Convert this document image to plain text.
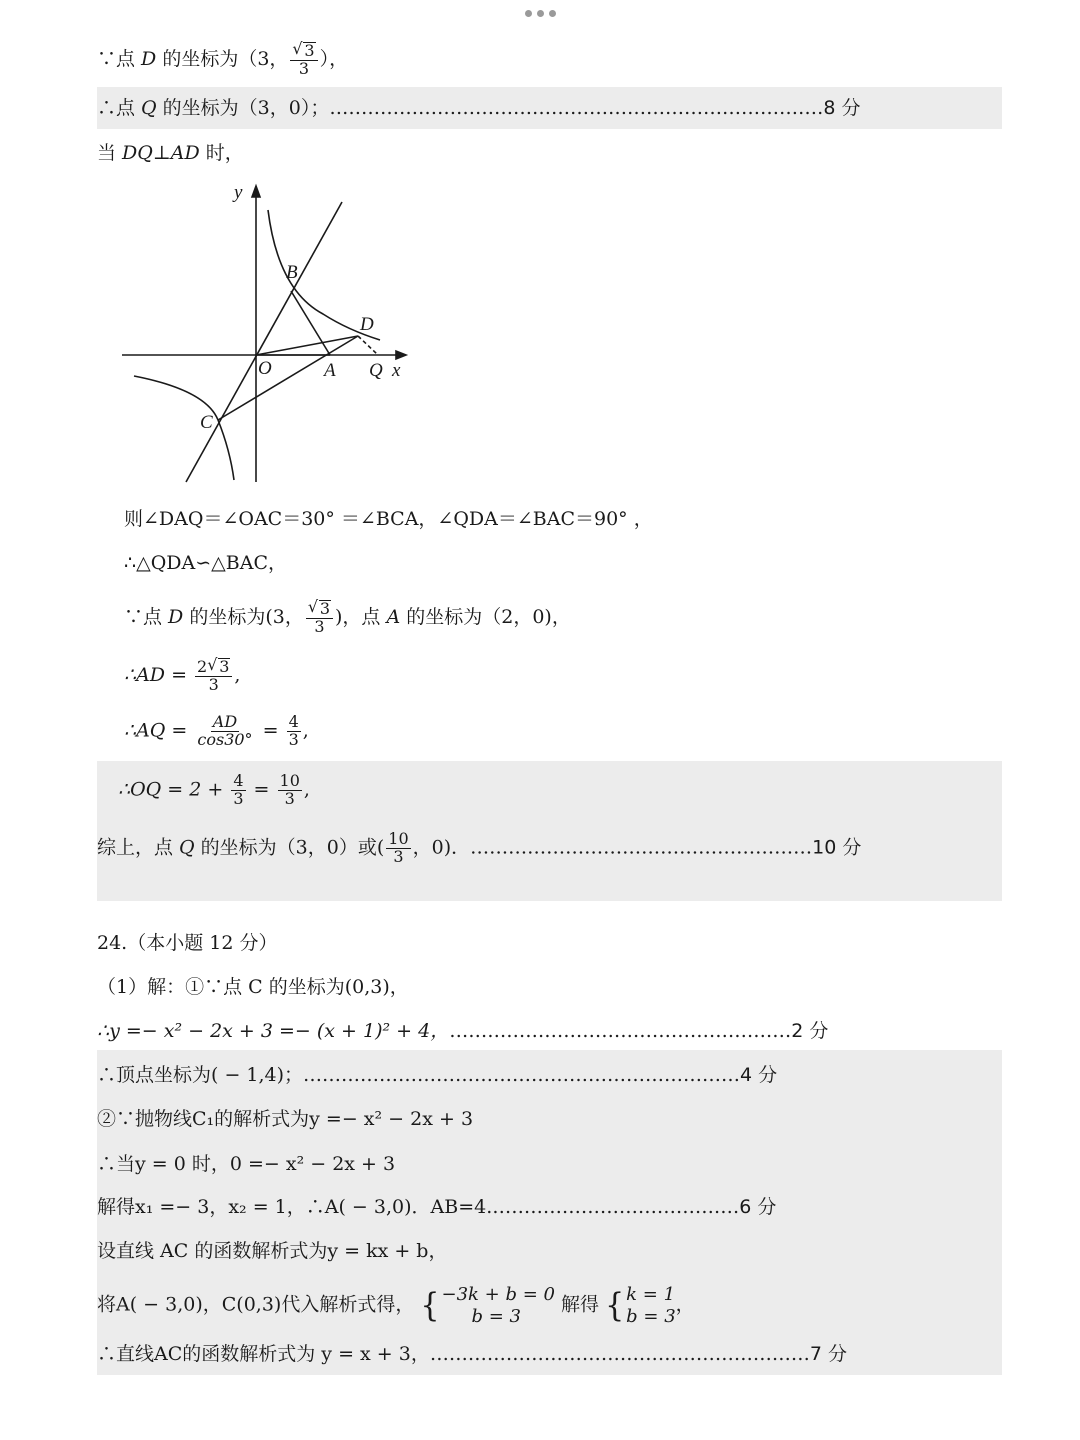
∵点 D 的坐标为（3， √ $\frac{3}{3}$ ），
∴点 Q 的坐标为（3，0）；……………………………………………………………………8 分
当 DQ⊥AD 时，
y
B
D
O	A Q x
C
则∠DAQ＝∠OAC＝30° ＝∠BCA，∠QDA＝∠BAC＝90° ，
∴△QDA∽△BAC，
∵点 D 的坐标为(3， √ $\frac{3}{3}$ )，点 A 的坐标为（2，0)，
∴AD = $\frac{2 √ 3}{3}$ ,
∴AQ = $\frac{AD}{\cos 30^\circ} = \frac{4}{3}$ ,
∴OQ = $2 + \frac{4}{3} = \frac{10}{3}$ ,
综上，点 Q 的坐标为（3，0）或( $\frac{10}{3}$ ，0)．………………………………………………10 分
24.（本小题 12 分）
（1）解：①∵点 C 的坐标为(0,3)，
∴y =− x² − 2x + 3 =− (x + 1)² + 4，………………………………………………2 分
∴顶点坐标为( − 1,4)；……………………………………………………………4 分
②∵抛物线C₁的解析式为y =− x² − 2x + 3
∴当y = 0 时，0 =− x² − 2x + 3
解得x₁ =− 3，x₂ = 1，∴A( − 3,0)．AB=4.…………………………………6 分
设直线 AC 的函数解析式为y = kx + b，
将A( − 3,0)，C(0,3)代入解析式得， { −3k + b = 0
b = 3
解得 { k = 1
b = 3
，
∴直线AC的函数解析式为 y = x + 3，……………………………………………………7 分
